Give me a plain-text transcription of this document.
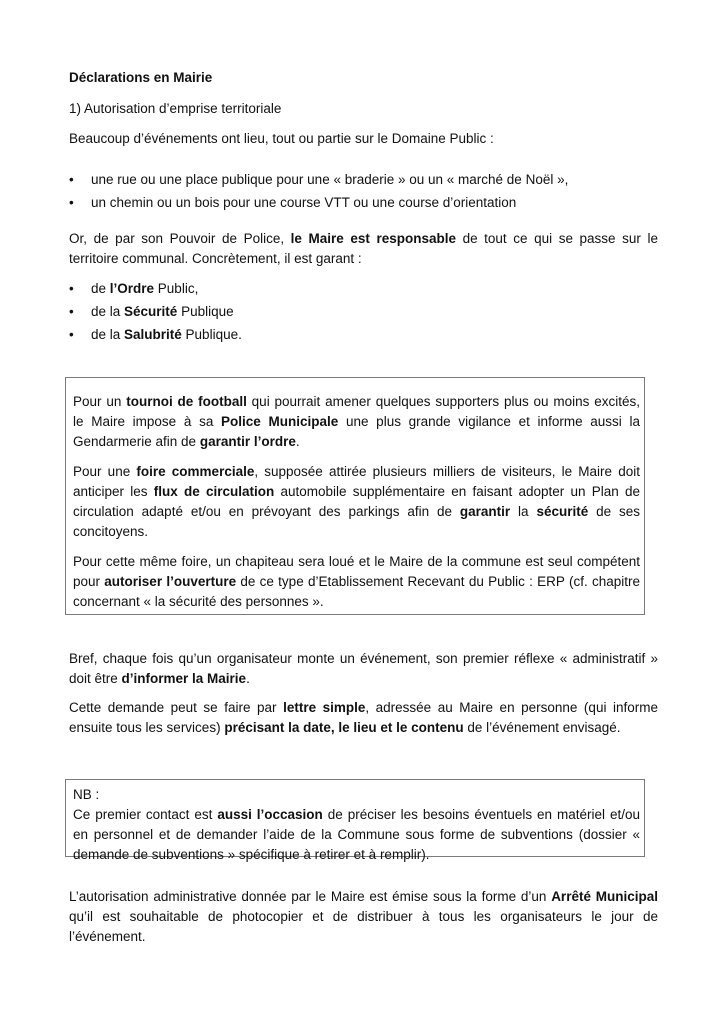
Déclarations en Mairie
1) Autorisation d’emprise territoriale

Beaucoup d’événements ont lieu, tout ou partie sur le Domaine Public :

• une rue ou une place publique pour une « braderie » ou un « marché de Noël »,
• un chemin ou un bois pour une course VTT ou une course d’orientation

Or, de par son Pouvoir de Police, le Maire est responsable de tout ce qui se passe sur le territoire communal. Concrètement, il est garant :

• de l’Ordre Public,
• de la Sécurité Publique
• de la Salubrité Publique.

Pour un tournoi de football qui pourrait amener quelques supporters plus ou moins excités, le Maire impose à sa Police Municipale une plus grande vigilance et informe aussi la Gendarmerie afin de garantir l’ordre.

Pour une foire commerciale, supposée attirée plusieurs milliers de visiteurs, le Maire doit anticiper les flux de circulation automobile supplémentaire en faisant adopter un Plan de circulation adapté et/ou en prévoyant des parkings afin de garantir la sécurité de ses concitoyens.

Pour cette même foire, un chapiteau sera loué et le Maire de la commune est seul compétent pour autoriser l’ouverture de ce type d’Etablissement Recevant du Public : ERP (cf. chapitre concernant « la sécurité des personnes ».

Bref, chaque fois qu’un organisateur monte un événement, son premier réflexe « administratif » doit être d’informer la Mairie.

Cette demande peut se faire par lettre simple, adressée au Maire en personne (qui informe ensuite tous les services) précisant la date, le lieu et le contenu de l’événement envisagé.

NB :

Ce premier contact est aussi l’occasion de préciser les besoins éventuels en matériel et/ou en personnel et de demander l’aide de la Commune sous forme de subventions (dossier « demande de subventions » spécifique à retirer et à remplir).

L’autorisation administrative donnée par le Maire est émise sous la forme d’un Arrêté Municipal qu’il est souhaitable de photocopier et de distribuer à tous les organisateurs le jour de l’événement.
